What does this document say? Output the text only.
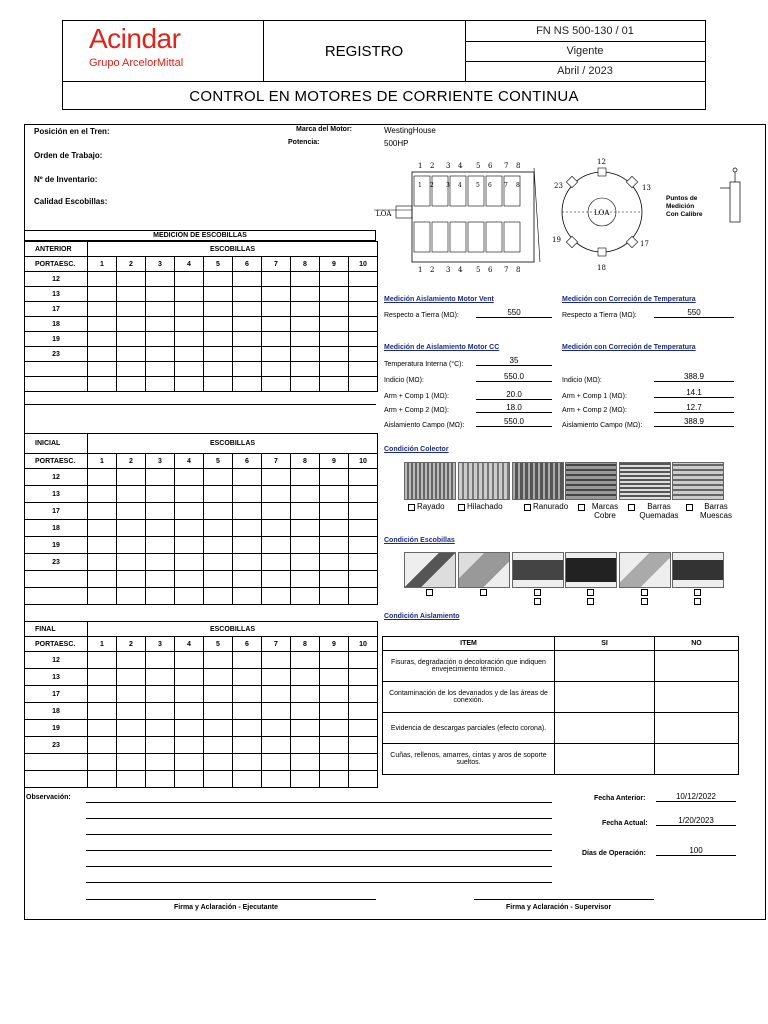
Acindar
Grupo ArcelorMittal
REGISTRO
FN NS 500-130 / 01
Vigente
Abril / 2023
CONTROL EN MOTORES DE CORRIENTE CONTINUA
Posición en el Tren:
Orden de Trabajo:
Nº de Inventario:
Calidad Escobillas:
Marca del Motor:	WestingHouse
Potencia:	500HP
MEDICIÓN DE ESCOBILLAS
ANTERIOR	ESCOBILLAS									
PORTAESC.	1	2	3	4	5	6	7	8	9	10
12										
13										
17										
18										
19										
23										

INICIAL	ESCOBILLAS									
PORTAESC.	1	2	3	4	5	6	7	8	9	10
12										
13										
17										
18										
19										
23										

FINAL	ESCOBILLAS									
PORTAESC.	1	2	3	4	5	6	7	8	9	10
12										
13										
17										
18										
19										
23										

1 2 3 4 5 6 7 8
1 2 3 4 5 6 7 8
1 2 3 4 5 6 7 8
LOA	LOA
12
13
17
18
19
23
Puntos de
Medición
Con Calibre
Medición Aislamiento Motor Vent
Respecto a Tierra (MΩ):	550
Medición con Correción de Temperatura
Respecto a Tierra (MΩ):	550
Medición de Aislamiento Motor CC
Temperatura Interna (°C):	35
Indicio (MΩ):	550.0
Arm + Comp 1 (MΩ):	20.0
Arm + Comp 2 (MΩ):	18.0
Aislamiento Campo (MΩ):	550.0
Medición con Correción de Temperatura
Indicio (MΩ):	388.9
Arm + Comp 1 (MΩ):	14.1
Arm + Comp 2 (MΩ):	12.7
Aislamiento Campo (MΩ):	388.9
Condición Colector
Rayado	Hilachado	Ranurado	Marcas Cobre
Barras Quemadas
Barras Muescas
Condición Escobillas
Condición Aislamiento
ITEM	SI	NO
Fisuras, degradación o decoloración que indiquen envejecimiento térmico.		
Contaminación de los devanados y de las áreas de conexión.		
Evidencia de descargas parciales (efecto corona).		
Cuñas, rellenos, amarres, cintas y aros de soporte sueltos.		
Observación:	Fecha Anterior:	10/12/2022
Fecha Actual:	1/20/2023
Días de Operación:	100
Firma y Aclaración - Ejecutante	Firma y Aclaración - Supervisor
